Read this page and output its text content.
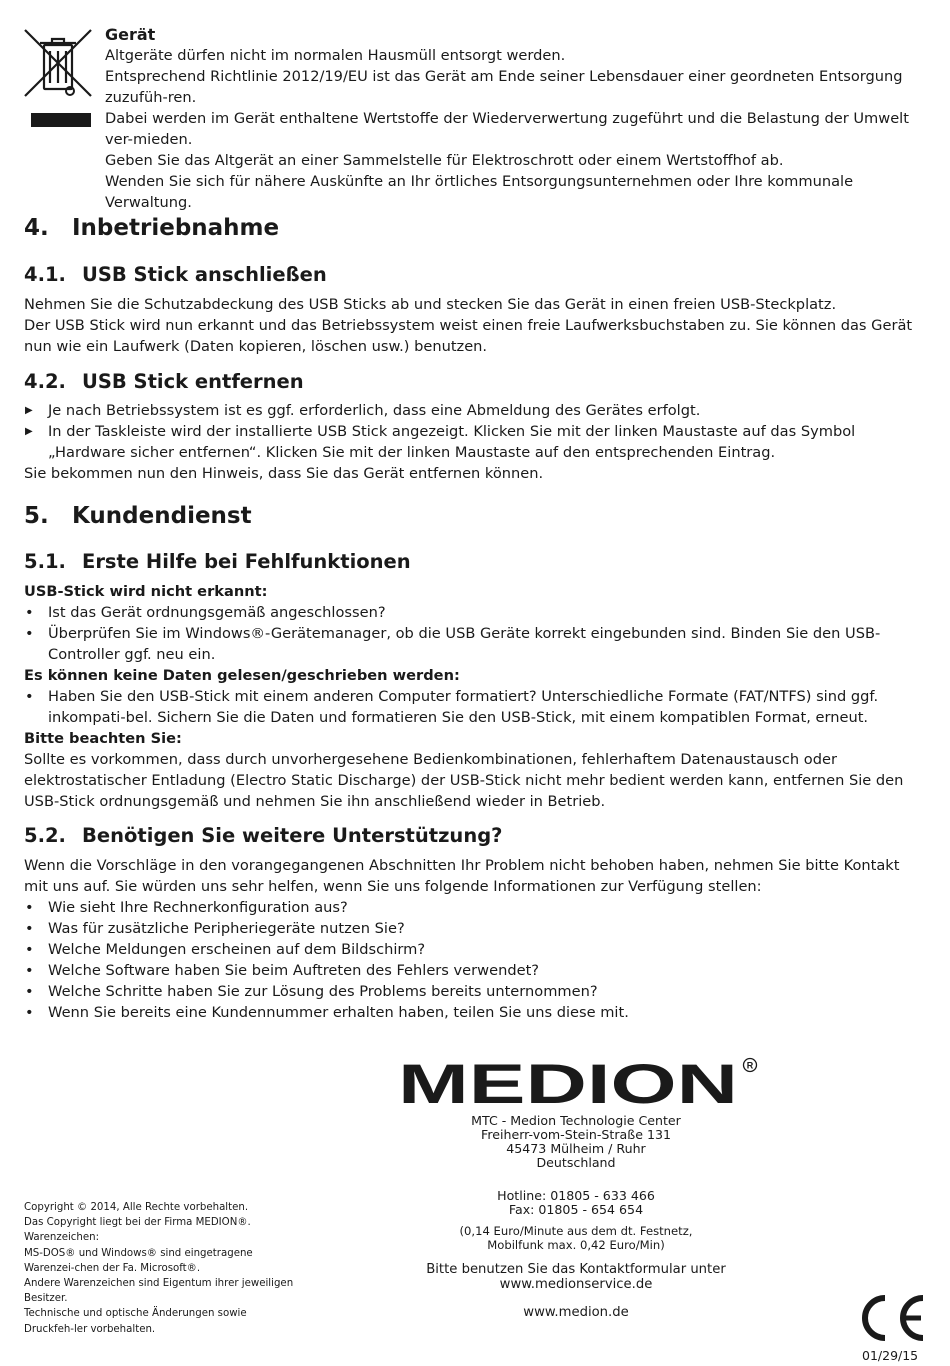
Gerät

Altgeräte dürfen nicht im normalen Hausmüll entsorgt werden.

Entsprechend Richtlinie 2012/19/EU ist das Gerät am Ende seiner Lebensdauer einer geordneten Entsorgung zuzufüh-ren.

Dabei werden im Gerät enthaltene Wertstoffe der Wiederverwertung zugeführt und die Belastung der Umwelt ver-mieden.

Geben Sie das Altgerät an einer Sammelstelle für Elektroschrott oder einem Wertstoffhof ab.

Wenden Sie sich für nähere Auskünfte an Ihr örtliches Entsorgungsunternehmen oder Ihre kommunale Verwaltung.

4. Inbetriebnahme
4.1. USB Stick anschließen

Nehmen Sie die Schutzabdeckung des USB Sticks ab und stecken Sie das Gerät in einen freien USB-Steckplatz.

Der USB Stick wird nun erkannt und das Betriebssystem weist einen freie Laufwerksbuchstaben zu. Sie können das Gerät nun wie ein Laufwerk (Daten kopieren, löschen usw.) benutzen.

4.2. USB Stick entfernen
▶ Je nach Betriebssystem ist es ggf. erforderlich, dass eine Abmeldung des Gerätes erfolgt.
▶ In der Taskleiste wird der installierte USB Stick angezeigt. Klicken Sie mit der linken Maustaste auf das Symbol „Hardware sicher entfernen“. Klicken Sie mit der linken Maustaste auf den entsprechenden Eintrag.

Sie bekommen nun den Hinweis, dass Sie das Gerät entfernen können.

5. Kundendienst
5.1. Erste Hilfe bei Fehlfunktionen

USB-Stick wird nicht erkannt:

• Ist das Gerät ordnungsgemäß angeschlossen?
• Überprüfen Sie im Windows®-Gerätemanager, ob die USB Geräte korrekt eingebunden sind. Binden Sie den USB-Controller ggf. neu ein.

Es können keine Daten gelesen/geschrieben werden:

• Haben Sie den USB-Stick mit einem anderen Computer formatiert? Unterschiedliche Formate (FAT/NTFS) sind ggf. inkompati-bel. Sichern Sie die Daten und formatieren Sie den USB-Stick, mit einem kompatiblen Format, erneut.

Bitte beachten Sie:

Sollte es vorkommen, dass durch unvorhergesehene Bedienkombinationen, fehlerhaftem Datenaustausch oder elektrostatischer Entladung (Electro Static Discharge) der USB-Stick nicht mehr bedient werden kann, entfernen Sie den USB-Stick ordnungsgemäß und nehmen Sie ihn anschließend wieder in Betrieb.

5.2. Benötigen Sie weitere Unterstützung?

Wenn die Vorschläge in den vorangegangenen Abschnitten Ihr Problem nicht behoben haben, nehmen Sie bitte Kontakt mit uns auf. Sie würden uns sehr helfen, wenn Sie uns folgende Informationen zur Verfügung stellen:

• Wie sieht Ihre Rechnerkonfiguration aus?
• Was für zusätzliche Peripheriegeräte nutzen Sie?
• Welche Meldungen erscheinen auf dem Bildschirm?
• Welche Software haben Sie beim Auftreten des Fehlers verwendet?
• Welche Schritte haben Sie zur Lösung des Problems bereits unternommen?
• Wenn Sie bereits eine Kundennummer erhalten haben, teilen Sie uns diese mit.
MEDION R

MTC - Medion Technologie Center

Freiherr-vom-Stein-Straße 131

45473 Mülheim / Ruhr

Deutschland

Hotline: 01805 - 633 466

Fax: 01805 - 654 654

(0,14 Euro/Minute aus dem dt. Festnetz,

Mobilfunk max. 0,42 Euro/Min)

Bitte benutzen Sie das Kontaktformular unter

www.medionservice.de

www.medion.de

Copyright © 2014, Alle Rechte vorbehalten.

Das Copyright liegt bei der Firma MEDION®.

Warenzeichen:

MS-DOS® und Windows® sind eingetragene Warenzei-chen der Fa. Microsoft®.

Andere Warenzeichen sind Eigentum ihrer jeweiligen Besitzer.

Technische und optische Änderungen sowie Druckfeh-ler vorbehalten.

01/29/15
